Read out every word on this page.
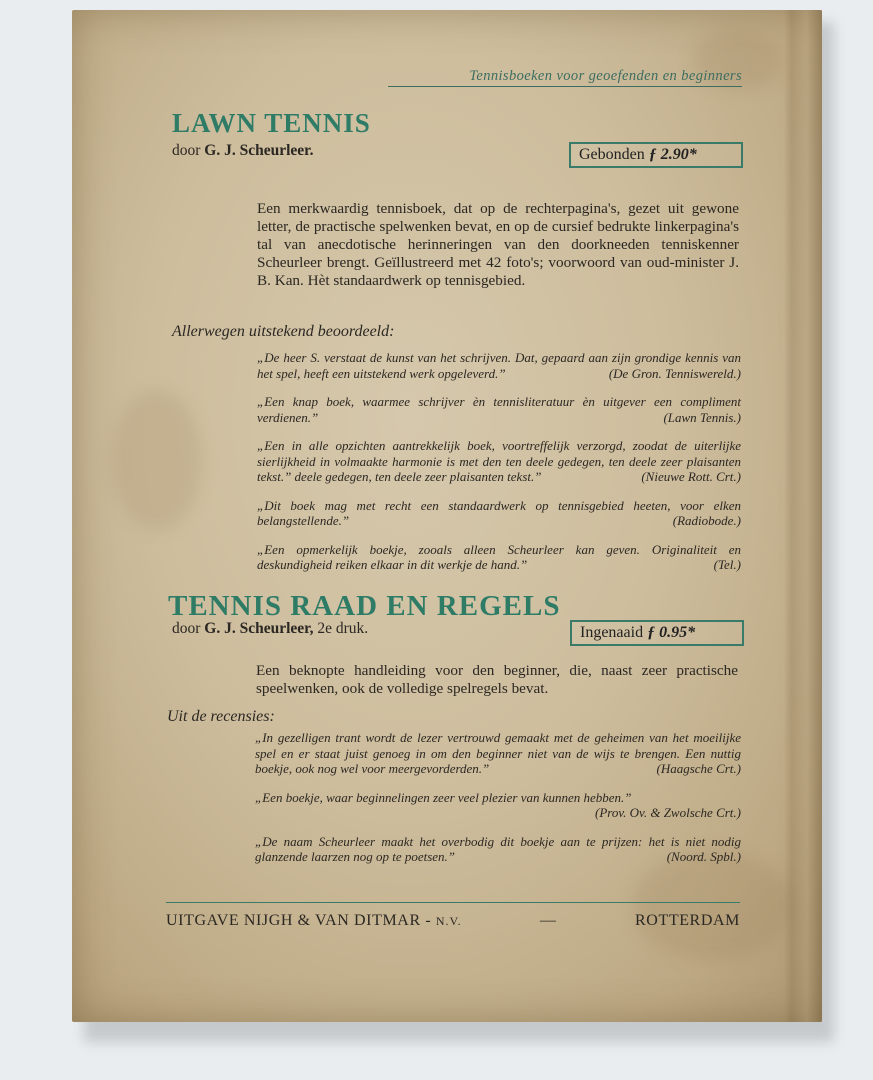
Tennisboeken voor geoefenden en beginners
LAWN TENNIS
door G. J. Scheurleer.	Gebonden ƒ 2.90*
Een merkwaardig tennisboek, dat op de rechterpagina's, gezet uit gewone letter, de practische spelwenken bevat, en op de cursief bedrukte linkerpagina's tal van anecdotische herinneringen van den doorkneeden tenniskenner Scheurleer brengt. Geïllustreerd met 42 foto's; voorwoord van oud-minister J. B. Kan. Hèt standaardwerk op tennisgebied.
Allerwegen uitstekend beoordeeld:
„De heer S. verstaat de kunst van het schrijven. Dat, gepaard aan zijn grondige kennis van het spel, heeft een uitstekend werk opgeleverd.”	(De Gron. Tenniswereld.)
„Een knap boek, waarmee schrijver èn tennisliteratuur èn uitgever een compliment verdienen.”	(Lawn Tennis.)
„Een in alle opzichten aantrekkelijk boek, voortreffelijk verzorgd, zoodat de uiterlijke sierlijkheid in volmaakte harmonie is met den ten deele gedegen, ten deele zeer plaisanten tekst.” deele gedegen, ten deele zeer plaisanten tekst.”	(Nieuwe Rott. Crt.)
„Dit boek mag met recht een standaardwerk op tennisgebied heeten, voor elken belangstellende.”	(Radiobode.)
„Een opmerkelijk boekje, zooals alleen Scheurleer kan geven. Originaliteit en deskundigheid reiken elkaar in dit werkje de hand.”	(Tel.)
TENNIS RAAD EN REGELS
door G. J. Scheurleer, 2e druk.	Ingenaaid ƒ 0.95*
Een beknopte handleiding voor den beginner, die, naast zeer practische speelwenken, ook de volledige spelregels bevat.
Uit de recensies:
„In gezelligen trant wordt de lezer vertrouwd gemaakt met de geheimen van het moeilijke spel en er staat juist genoeg in om den beginner niet van de wijs te brengen. Een nuttig boekje, ook nog wel voor meergevorderden.”	(Haagsche Crt.)
„Een boekje, waar beginnelingen zeer veel plezier van kunnen hebben.”
(Prov. Ov. & Zwolsche Crt.)
„De naam Scheurleer maakt het overbodig dit boekje aan te prijzen: het is niet nodig glanzende laarzen nog op te poetsen.”	(Noord. Spbl.)
UITGAVE NIJGH & VAN DITMAR - N.V.	—	ROTTERDAM
